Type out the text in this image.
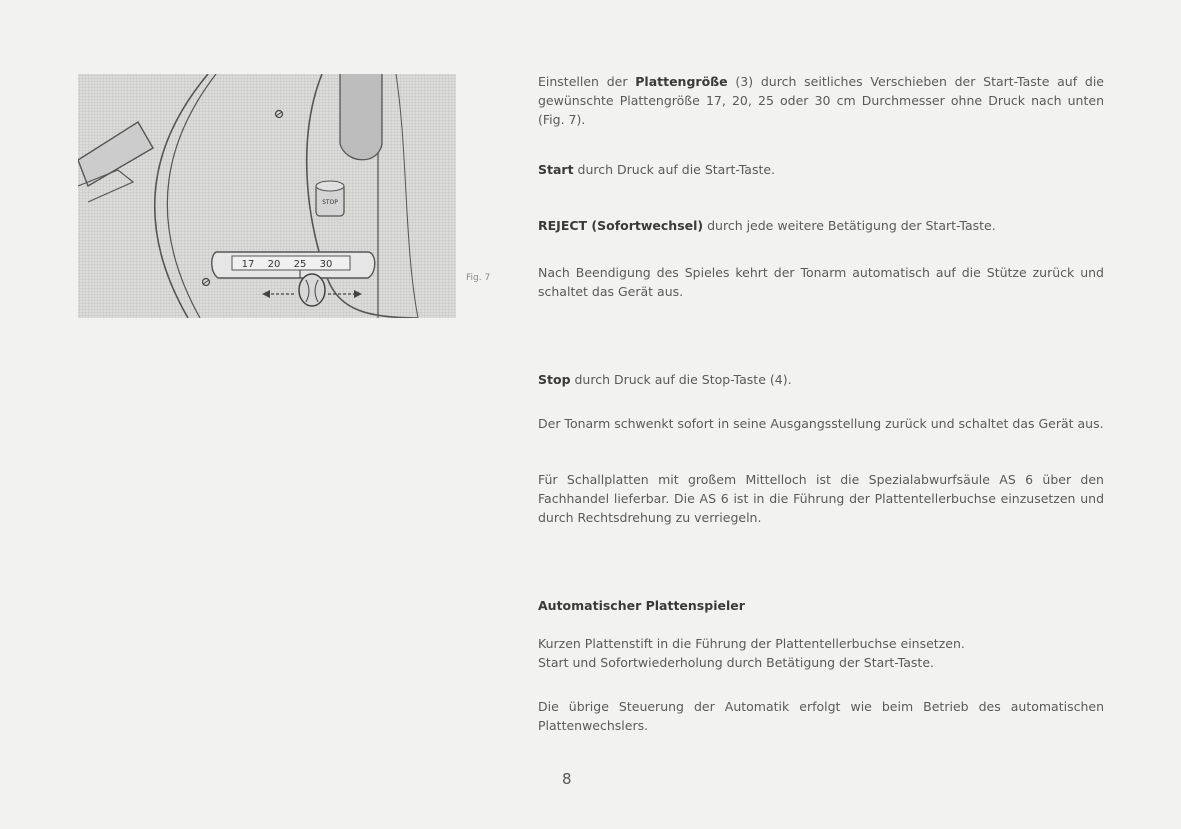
STOP
17 20 25 30
Fig. 7

Einstellen der Plattengröße (3) durch seitliches Verschieben der Start-Taste auf die gewünschte Plattengröße 17, 20, 25 oder 30 cm Durchmesser ohne Druck nach unten (Fig. 7).

Start durch Druck auf die Start-Taste.

REJECT (Sofortwechsel) durch jede weitere Betätigung der Start-Taste.

Nach Beendigung des Spieles kehrt der Tonarm automatisch auf die Stütze zurück und schaltet das Gerät aus.

Stop durch Druck auf die Stop-Taste (4).

Der Tonarm schwenkt sofort in seine Ausgangsstellung zurück und schaltet das Gerät aus.

Für Schallplatten mit großem Mittelloch ist die Spezialabwurfsäule AS 6 über den Fachhandel lieferbar. Die AS 6 ist in die Führung der Plattentellerbuchse einzusetzen und durch Rechtsdrehung zu verriegeln.

Automatischer Plattenspieler

Kurzen Plattenstift in die Führung der Plattentellerbuchse einsetzen.

Start und Sofortwiederholung durch Betätigung der Start-Taste.

Die übrige Steuerung der Automatik erfolgt wie beim Betrieb des automatischen Plattenwechslers.

8
